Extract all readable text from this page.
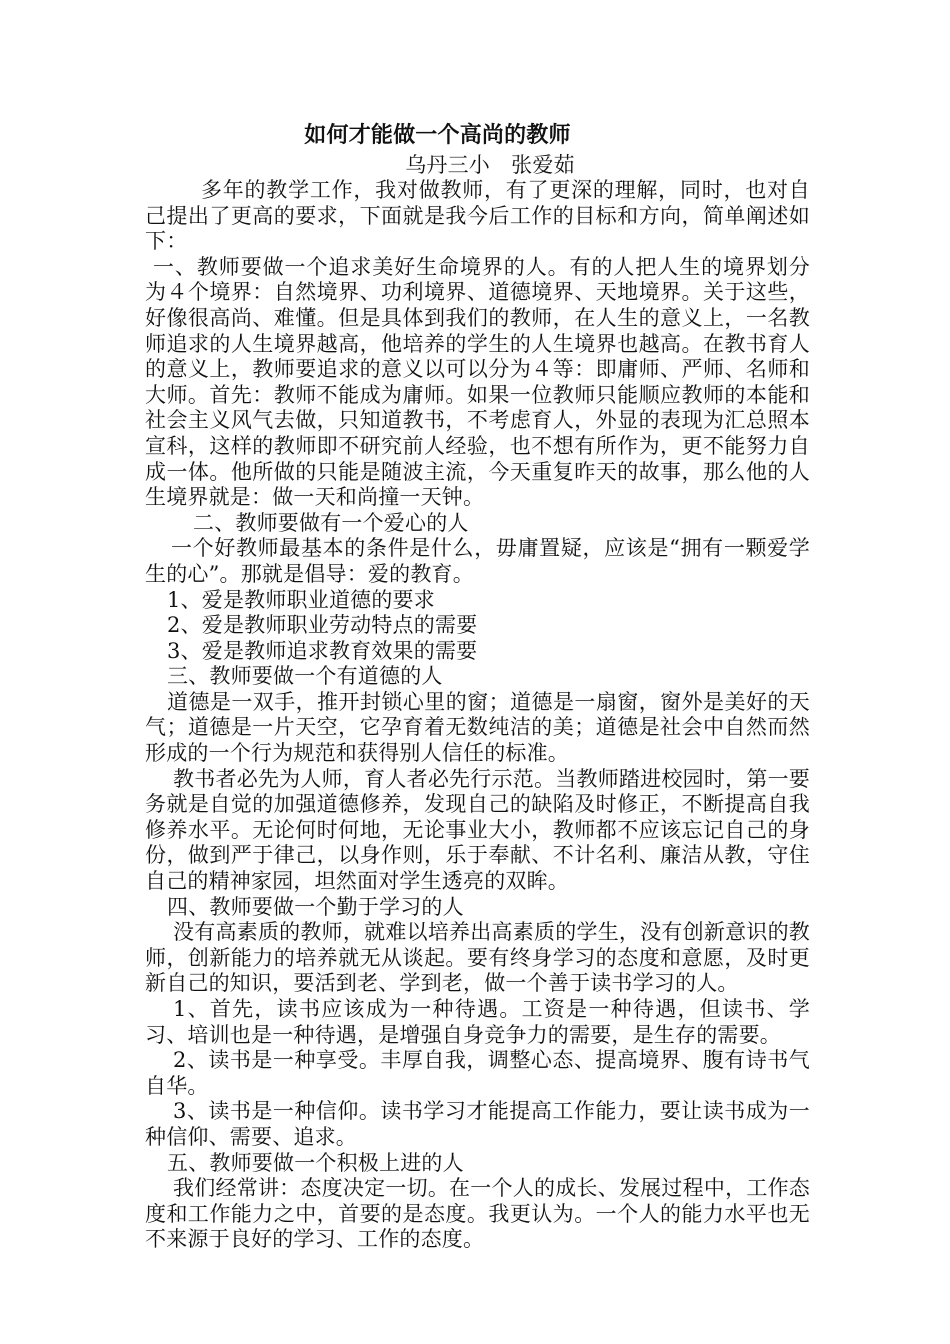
如何才能做一个高尚的教师

乌丹三小　张爱茹

多年的教学工作，我对做教师，有了更深的理解，同时，也对自己提出了更高的要求，下面就是我今后工作的目标和方向，简单阐述如下：

一、教师要做一个追求美好生命境界的人。有的人把人生的境界划分为４个境界：自然境界、功利境界、道德境界、天地境界。关于这些，好像很高尚、难懂。但是具体到我们的教师，在人生的意义上，一名教师追求的人生境界越高，他培养的学生的人生境界也越高。在教书育人的意义上，教师要追求的意义以可以分为４等：即庸师、严师、名师和大师。首先：教师不能成为庸师。如果一位教师只能顺应教师的本能和社会主义风气去做，只知道教书，不考虑育人，外显的表现为汇总照本宣科，这样的教师即不研究前人经验，也不想有所作为，更不能努力自成一体。他所做的只能是随波主流，今天重复昨天的故事，那么他的人生境界就是：做一天和尚撞一天钟。

二、教师要做有一个爱心的人

一个好教师最基本的条件是什么，毋庸置疑，应该是“拥有一颗爱学生的心”。那就是倡导：爱的教育。

1、爱是教师职业道德的要求

2、爱是教师职业劳动特点的需要

3、爱是教师追求教育效果的需要

三、教师要做一个有道德的人

道德是一双手，推开封锁心里的窗；道德是一扇窗，窗外是美好的天气；道德是一片天空，它孕育着无数纯洁的美；道德是社会中自然而然形成的一个行为规范和获得别人信任的标准。

教书者必先为人师，育人者必先行示范。当教师踏进校园时，第一要务就是自觉的加强道德修养，发现自己的缺陷及时修正，不断提高自我修养水平。无论何时何地，无论事业大小，教师都不应该忘记自己的身份，做到严于律己，以身作则，乐于奉献、不计名利、廉洁从教，守住自己的精神家园，坦然面对学生透亮的双眸。

四、教师要做一个勤于学习的人

没有高素质的教师，就难以培养出高素质的学生，没有创新意识的教师，创新能力的培养就无从谈起。要有终身学习的态度和意愿，及时更新自己的知识，要活到老、学到老，做一个善于读书学习的人。

1、首先，读书应该成为一种待遇。工资是一种待遇，但读书、学习、培训也是一种待遇，是增强自身竞争力的需要，是生存的需要。

2、读书是一种享受。丰厚自我，调整心态、提高境界、腹有诗书气自华。

3、读书是一种信仰。读书学习才能提高工作能力，要让读书成为一种信仰、需要、追求。

五、教师要做一个积极上进的人

我们经常讲：态度决定一切。在一个人的成长、发展过程中，工作态度和工作能力之中，首要的是态度。我更认为。一个人的能力水平也无不来源于良好的学习、工作的态度。
